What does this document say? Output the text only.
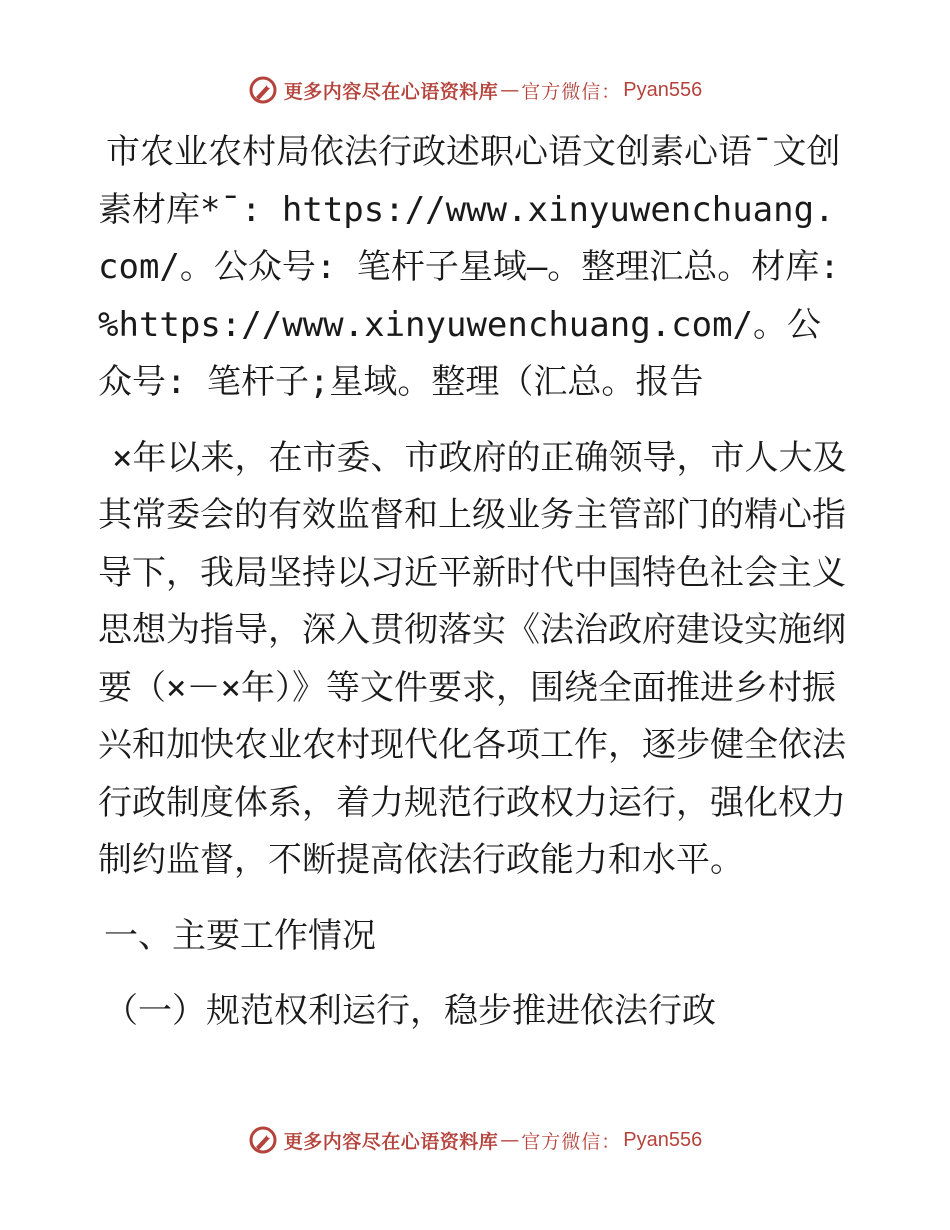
更多内容尽在心语资料库 — 官方微信： Pyan556

市农业农村局依法行政述职心语文创素心语¯文创素材库*¯: https://www.xinyuwenchuang.com/。公众号: 笔杆子星域—。整理汇总。材库: %https://www.xinyuwenchuang.com/。公众号: 笔杆子;星域。整理（汇总。报告

×年以来，在市委、市政府的正确领导，市人大及其常委会的有效监督和上级业务主管部门的精心指导下，我局坚持以习近平新时代中国特色社会主义思想为指导，深入贯彻落实《法治政府建设实施纲要（×－×年）》等文件要求，围绕全面推进乡村振兴和加快农业农村现代化各项工作，逐步健全依法行政制度体系，着力规范行政权力运行，强化权力制约监督，不断提高依法行政能力和水平。

一、主要工作情况

（一）规范权利运行，稳步推进依法行政

更多内容尽在心语资料库 — 官方微信： Pyan556
